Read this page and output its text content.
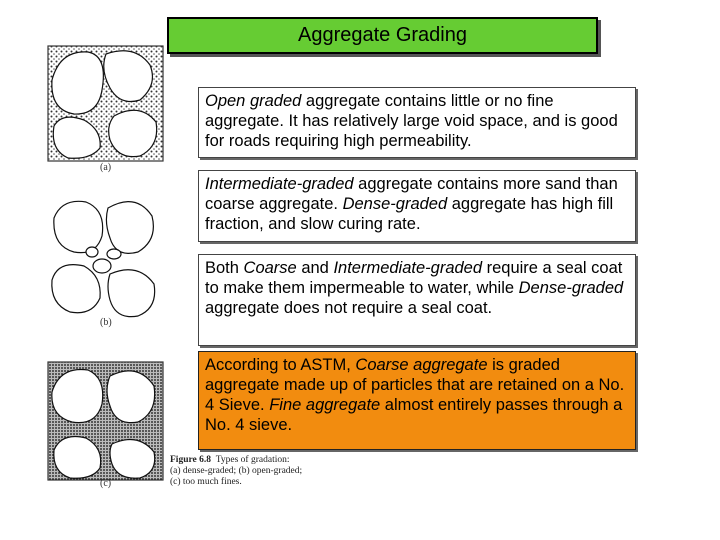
Aggregate Grading
(a)
(b)
(c)
Figure 6.8 Types of gradation:
(a) dense-graded; (b) open-graded;
(c) too much fines.
Open graded aggregate contains little or no fine aggregate. It has relatively large void space, and is good for roads requiring high permeability.
Intermediate-graded aggregate contains more sand than coarse aggregate. Dense-graded aggregate has high fill fraction, and slow curing rate.
Both Coarse and Intermediate-graded require a seal coat to make them impermeable to water, while Dense-graded aggregate does not require a seal coat.
According to ASTM, Coarse aggregate is graded aggregate made up of particles that are retained on a No. 4 Sieve. Fine aggregate almost entirely passes through a No. 4 sieve.
